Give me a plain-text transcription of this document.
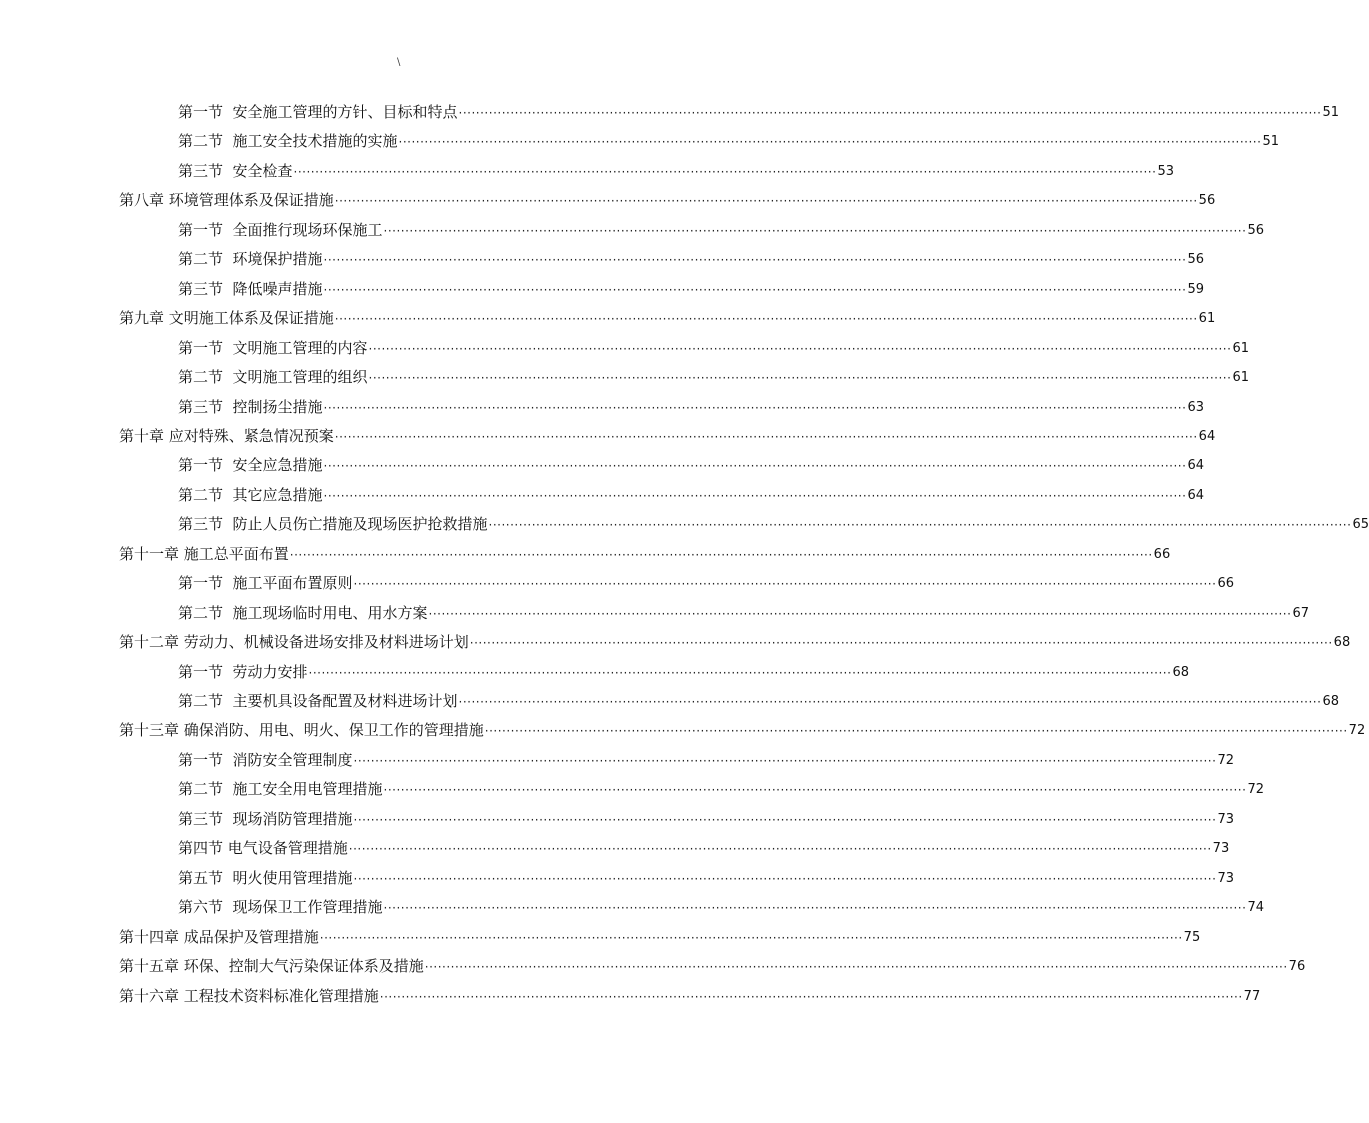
\
第一节  安全施工管理的方针、目标和特点 ········································································································································································································ 51
第二节  施工安全技术措施的实施 ········································································································································································································ 51
第三节  安全检查 ········································································································································································································ 53
第八章 环境管理体系及保证措施 ········································································································································································································ 56
第一节  全面推行现场环保施工 ········································································································································································································ 56
第二节  环境保护措施 ········································································································································································································ 56
第三节  降低噪声措施 ········································································································································································································ 59
第九章 文明施工体系及保证措施 ········································································································································································································ 61
第一节  文明施工管理的内容 ········································································································································································································ 61
第二节  文明施工管理的组织 ········································································································································································································ 61
第三节  控制扬尘措施 ········································································································································································································ 63
第十章 应对特殊、紧急情况预案 ········································································································································································································ 64
第一节  安全应急措施 ········································································································································································································ 64
第二节  其它应急措施 ········································································································································································································ 64
第三节  防止人员伤亡措施及现场医护抢救措施 ········································································································································································································ 65
第十一章 施工总平面布置 ········································································································································································································ 66
第一节  施工平面布置原则 ········································································································································································································ 66
第二节  施工现场临时用电、用水方案 ········································································································································································································ 67
第十二章 劳动力、机械设备进场安排及材料进场计划 ········································································································································································································ 68
第一节  劳动力安排 ········································································································································································································ 68
第二节  主要机具设备配置及材料进场计划 ········································································································································································································ 68
第十三章 确保消防、用电、明火、保卫工作的管理措施 ········································································································································································································ 72
第一节  消防安全管理制度 ········································································································································································································ 72
第二节  施工安全用电管理措施 ········································································································································································································ 72
第三节  现场消防管理措施 ········································································································································································································ 73
第四节 电气设备管理措施 ········································································································································································································ 73
第五节  明火使用管理措施 ········································································································································································································ 73
第六节  现场保卫工作管理措施 ········································································································································································································ 74
第十四章 成品保护及管理措施 ········································································································································································································ 75
第十五章 环保、控制大气污染保证体系及措施 ········································································································································································································ 76
第十六章 工程技术资料标准化管理措施 ········································································································································································································ 77
